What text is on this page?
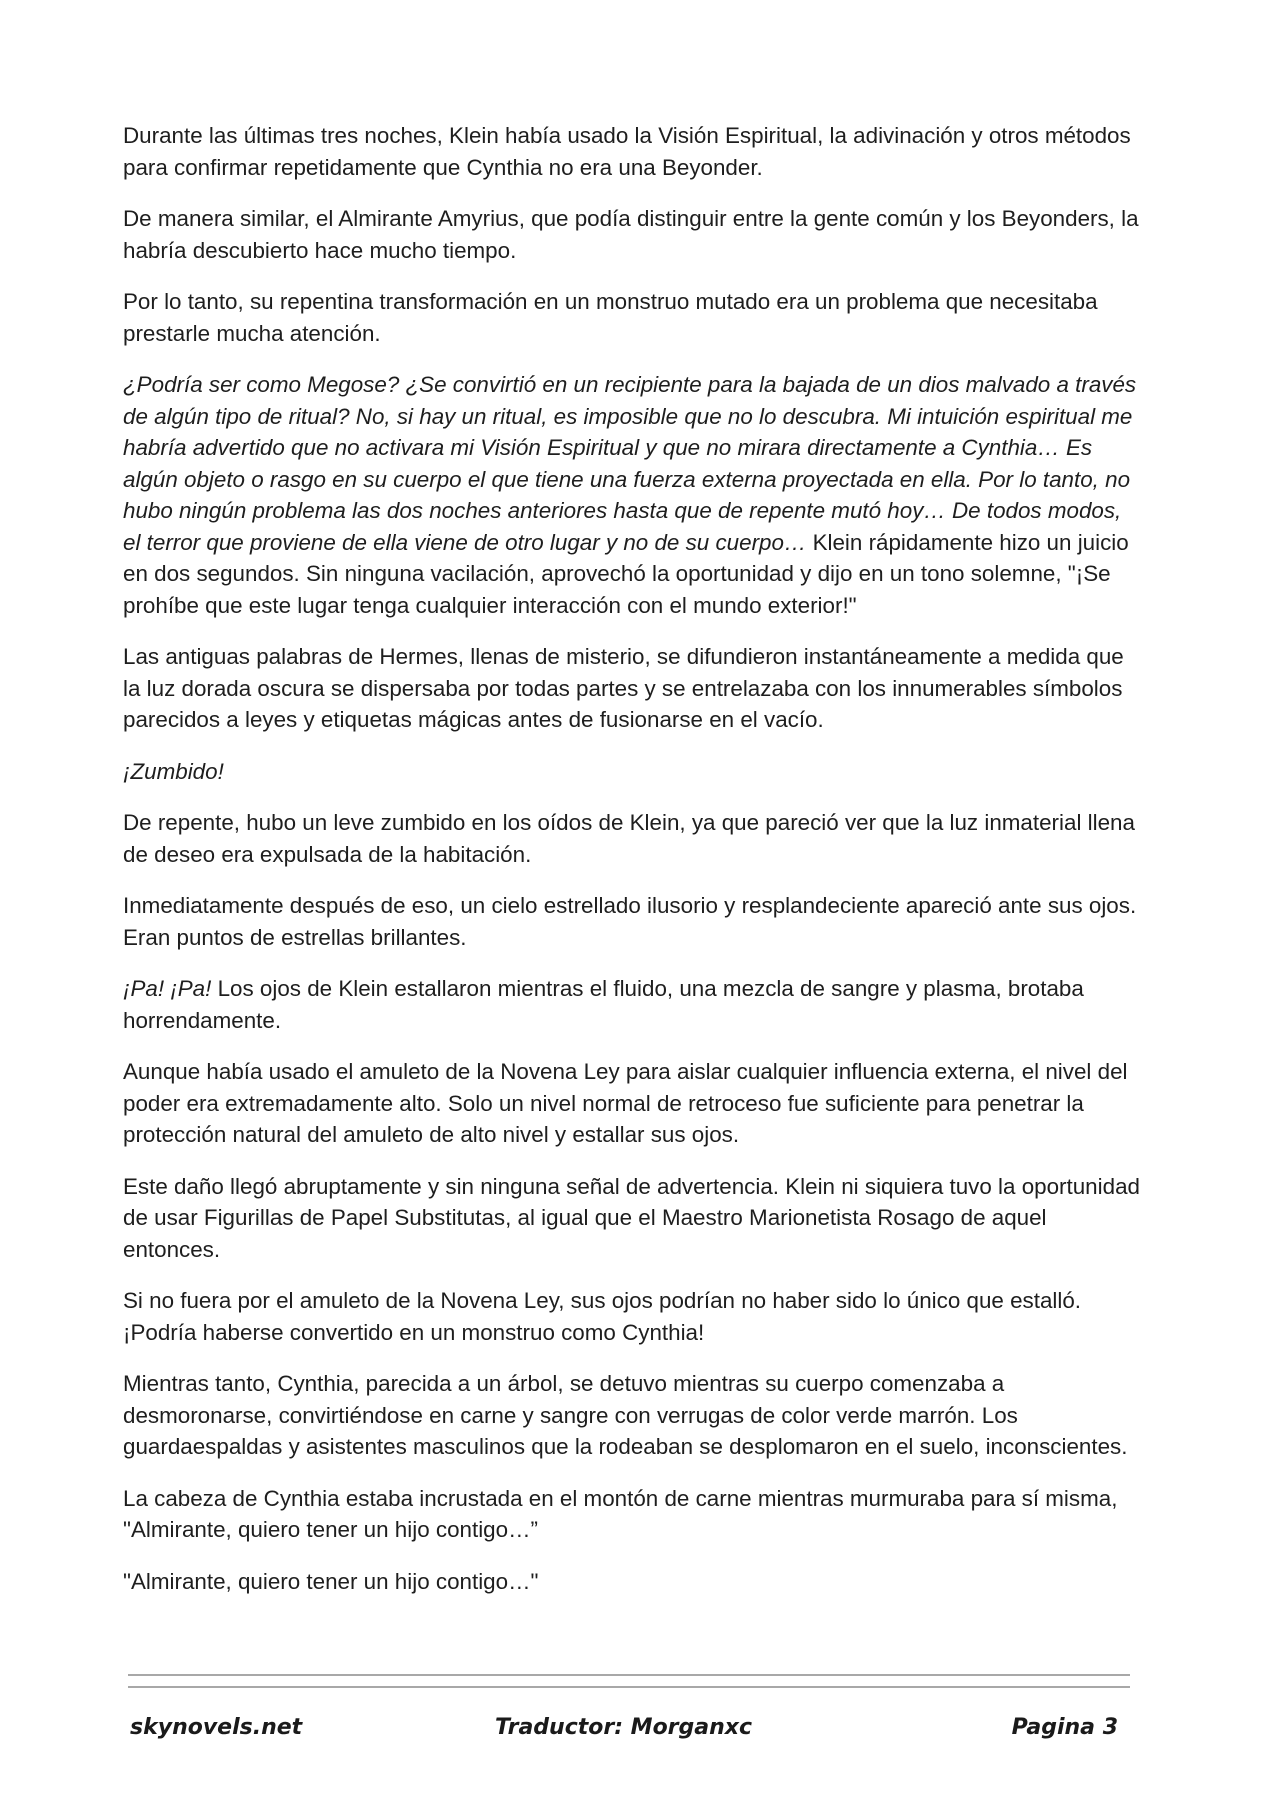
Durante las últimas tres noches, Klein había usado la Visión Espiritual, la adivinación y otros métodos para confirmar repetidamente que Cynthia no era una Beyonder.

De manera similar, el Almirante Amyrius, que podía distinguir entre la gente común y los Beyonders, la habría descubierto hace mucho tiempo.

Por lo tanto, su repentina transformación en un monstruo mutado era un problema que necesitaba prestarle mucha atención.

¿Podría ser como Megose? ¿Se convirtió en un recipiente para la bajada de un dios malvado a través de algún tipo de ritual? No, si hay un ritual, es imposible que no lo descubra. Mi intuición espiritual me habría advertido que no activara mi Visión Espiritual y que no mirara directamente a Cynthia… Es algún objeto o rasgo en su cuerpo el que tiene una fuerza externa proyectada en ella. Por lo tanto, no hubo ningún problema las dos noches anteriores hasta que de repente mutó hoy… De todos modos, el terror que proviene de ella viene de otro lugar y no de su cuerpo… Klein rápidamente hizo un juicio en dos segundos. Sin ninguna vacilación, aprovechó la oportunidad y dijo en un tono solemne, "¡Se prohíbe que este lugar tenga cualquier interacción con el mundo exterior!"

Las antiguas palabras de Hermes, llenas de misterio, se difundieron instantáneamente a medida que la luz dorada oscura se dispersaba por todas partes y se entrelazaba con los innumerables símbolos parecidos a leyes y etiquetas mágicas antes de fusionarse en el vacío.

¡Zumbido!

De repente, hubo un leve zumbido en los oídos de Klein, ya que pareció ver que la luz inmaterial llena de deseo era expulsada de la habitación.

Inmediatamente después de eso, un cielo estrellado ilusorio y resplandeciente apareció ante sus ojos. Eran puntos de estrellas brillantes.

¡Pa! ¡Pa! Los ojos de Klein estallaron mientras el fluido, una mezcla de sangre y plasma, brotaba horrendamente.

Aunque había usado el amuleto de la Novena Ley para aislar cualquier influencia externa, el nivel del poder era extremadamente alto. Solo un nivel normal de retroceso fue suficiente para penetrar la protección natural del amuleto de alto nivel y estallar sus ojos.

Este daño llegó abruptamente y sin ninguna señal de advertencia. Klein ni siquiera tuvo la oportunidad de usar Figurillas de Papel Substitutas, al igual que el Maestro Marionetista Rosago de aquel entonces.

Si no fuera por el amuleto de la Novena Ley, sus ojos podrían no haber sido lo único que estalló. ¡Podría haberse convertido en un monstruo como Cynthia!

Mientras tanto, Cynthia, parecida a un árbol, se detuvo mientras su cuerpo comenzaba a desmoronarse, convirtiéndose en carne y sangre con verrugas de color verde marrón. Los guardaespaldas y asistentes masculinos que la rodeaban se desplomaron en el suelo, inconscientes.

La cabeza de Cynthia estaba incrustada en el montón de carne mientras murmuraba para sí misma, "Almirante, quiero tener un hijo contigo…”

"Almirante, quiero tener un hijo contigo…"

skynovels.net	Traductor: Morganxc	Pagina 3
